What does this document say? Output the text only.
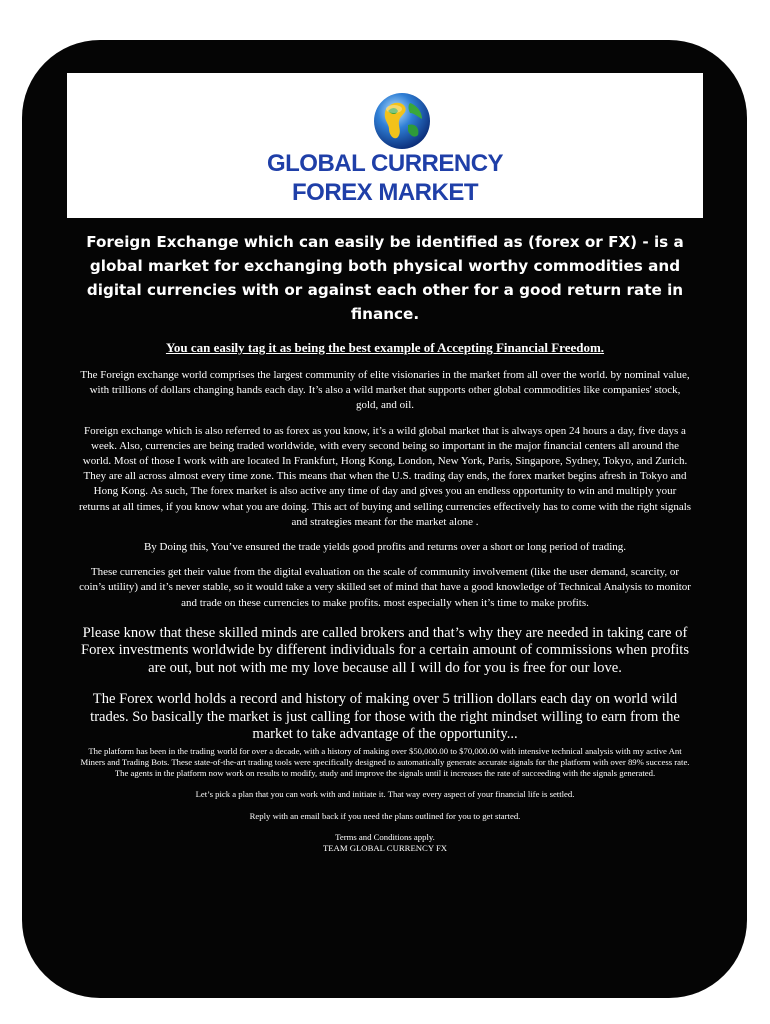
GLOBAL CURRENCY
FOREX MARKET

Foreign Exchange which can easily be identified as (forex or FX) - is a global market for exchanging both physical worthy commodities and digital currencies with or against each other for a good return rate in finance.

You can easily tag it as being the best example of Accepting Financial Freedom.

The Foreign exchange world comprises the largest community of elite visionaries in the market from all over the world. by nominal value, with trillions of dollars changing hands each day. It’s also a wild market that supports other global commodities like companies' stock, gold, and oil.

Foreign exchange which is also referred to as forex as you know, it’s a wild global market that is always open 24 hours a day, five days a week. Also, currencies are being traded worldwide, with every second being so important in the major financial centers all around the world. Most of those I work with are located In Frankfurt, Hong Kong, London, New York, Paris, Singapore, Sydney, Tokyo, and Zurich. They are all across almost every time zone. This means that when the U.S. trading day ends, the forex market begins afresh in Tokyo and Hong Kong. As such, The forex market is also active any time of day and gives you an endless opportunity to win and multiply your returns at all times, if you know what you are doing. This act of buying and selling currencies effectively has to come with the right signals and strategies meant for the market alone .

By Doing this, You’ve ensured the trade yields good profits and returns over a short or long period of trading.

These currencies get their value from the digital evaluation on the scale of community involvement (like the user demand, scarcity, or coin’s utility) and it’s never stable, so it would take a very skilled set of mind that have a good knowledge of Technical Analysis to monitor and trade on these currencies to make profits. most especially when it’s time to make profits.

Please know that these skilled minds are called brokers and that’s why they are needed in taking care of Forex investments worldwide by different individuals for a certain amount of commissions when profits are out, but not with me my love because all I will do for you is free for our love.

The Forex world holds a record and history of making over 5 trillion dollars each day on world wild trades. So basically the market is just calling for those with the right mindset willing to earn from the market to take advantage of the opportunity...

The platform has been in the trading world for over a decade, with a history of making over $50,000.00 to $70,000.00 with intensive technical analysis with my active Ant Miners and Trading Bots. These state-of-the-art trading tools were specifically designed to automatically generate accurate signals for the platform with over 89% success rate.

The agents in the platform now work on results to modify, study and improve the signals until it increases the rate of succeeding with the signals generated.

Let’s pick a plan that you can work with and initiate it. That way every aspect of your financial life is settled.

Reply with an email back if you need the plans outlined for you to get started.

Terms and Conditions apply.

TEAM GLOBAL CURRENCY FX
